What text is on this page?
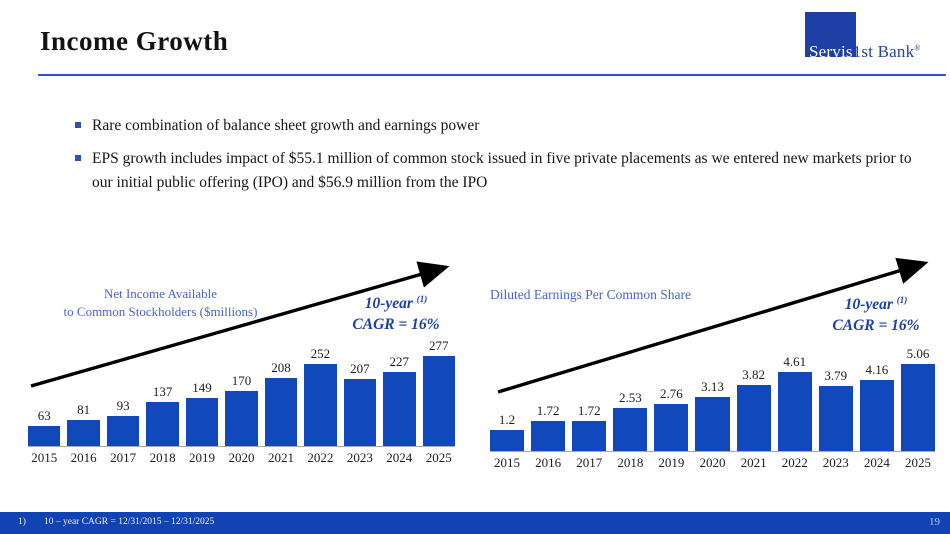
Income Growth	Servis1st Bank®
Rare combination of balance sheet growth and earnings power
EPS growth includes impact of $55.1 million of common stock issued in five private placements as we entered new markets prior to our initial public offering (IPO) and $56.9 million from the IPO
Net Income Available
to Common Stockholders ($millions)	10-year $^{(1)}$
CAGR = 16%
63 81 93
137 149 170
208
252
207 227
277
2015 2016 2017 2018 2019 2020 2021 2022 2023 2024 2025
Diluted Earnings Per Common Share
10-year $^{(1)}$
CAGR = 16%
1.2
1.72 1.72
2.53 2.76 3.13
3.82
4.61
3.79 4.16
5.06
2015	2016	2017	2018	2019	2020	2021	2022	2023	2024	2025
1) 10 – year CAGR = 12/31/2015 – 12/31/2025	19
